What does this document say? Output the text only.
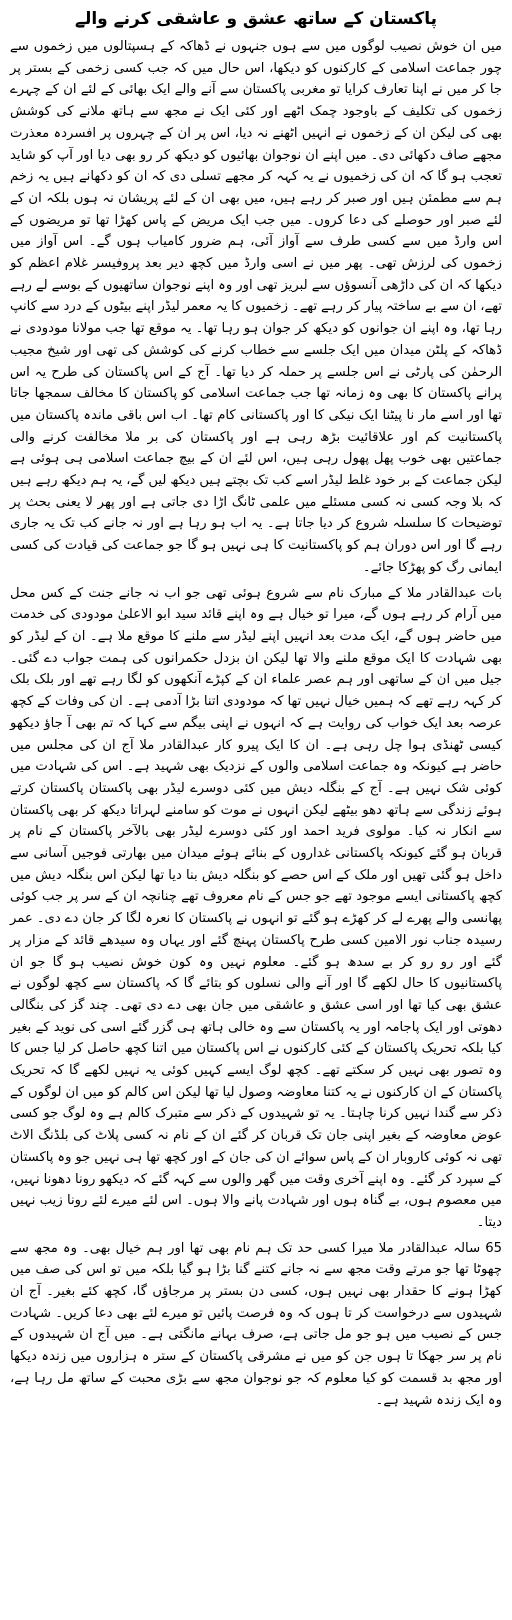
پاکستان کے ساتھ عشق و عاشقی کرنے والے

میں ان خوش نصیب لوگوں میں سے ہوں جنہوں نے ڈھاکہ کے ہسپتالوں میں زخموں سے چور جماعت اسلامی کے کارکنوں کو دیکھا، اس حال میں کہ جب کسی زخمی کے بستر پر جا کر میں نے اپنا تعارف کرایا تو مغربی پاکستان سے آنے والے ایک بھائی کے لئے ان کے چہرے زخموں کی تکلیف کے باوجود چمک اٹھے اور کئی ایک نے مجھ سے ہاتھ ملانے کی کوشش بھی کی لیکن ان کے زخموں نے انہیں اٹھنے نہ دیا، اس پر ان کے چہروں پر افسردہ معذرت مجھے صاف دکھائی دی۔ میں اپنے ان نوجوان بھائیوں کو دیکھ کر رو بھی دیا اور آپ کو شاید تعجب ہو گا کہ ان کی زخمیوں نے یہ کہہ کر مجھے تسلی دی کہ ان کو دکھانے ہیں یہ زخم ہم سے مطمئن ہیں اور صبر کر رہے ہیں، میں بھی ان کے لئے پریشان نہ ہوں بلکہ ان کے لئے صبر اور حوصلے کی دعا کروں۔ میں جب ایک مریض کے پاس کھڑا تھا تو مریضوں کے اس وارڈ میں سے کسی طرف سے آواز آئی، ہم ضرور کامیاب ہوں گے۔ اس آواز میں زخموں کی لرزش تھی۔ پھر میں نے اسی وارڈ میں کچھ دیر بعد پروفیسر غلام اعظم کو دیکھا کہ ان کی داڑھی آنسوؤں سے لبریز تھی اور وہ اپنے نوجوان ساتھیوں کے بوسے لے رہے تھے، ان سے بے ساختہ پیار کر رہے تھے۔ زخمیوں کا یہ معمر لیڈر اپنے بیٹوں کے درد سے کانپ رہا تھا، وہ اپنے ان جوانوں کو دیکھ کر جوان ہو رہا تھا۔ یہ موقع تھا جب مولانا مودودی نے ڈھاکہ کے پلٹن میدان میں ایک جلسے سے خطاب کرنے کی کوشش کی تھی اور شیخ مجیب الرحمٰن کی پارٹی نے اس جلسے پر حملہ کر دیا تھا۔ آج کے اس پاکستان کی طرح یہ اس پرانے پاکستان کا بھی وہ زمانہ تھا جب جماعت اسلامی کو پاکستان کا مخالف سمجھا جاتا تھا اور اسے مار نا پیٹنا ایک نیکی کا اور پاکستانی کام تھا۔ اب اس باقی ماندہ پاکستان میں پاکستانیت کم اور علاقائیت بڑھ رہی ہے اور پاکستان کی بر ملا مخالفت کرنے والی جماعتیں بھی خوب پھل پھول رہی ہیں، اس لئے ان کے بیچ جماعت اسلامی ہی ہوئی ہے لیکن جماعت کے بر خود غلط لیڈر اسے کب تک بچتے ہیں دیکھ لیں گے، یہ ہم دیکھ رہے ہیں کہ بلا وجہ کسی نہ کسی مسئلے میں علمی ٹانگ اڑا دی جاتی ہے اور پھر لا یعنی بحث پر توضیحات کا سلسلہ شروع کر دیا جاتا ہے۔ یہ اب ہو رہا ہے اور نہ جانے کب تک یہ جاری رہے گا اور اس دوران ہم کو پاکستانیت کا ہی نہیں ہو گا جو جماعت کی قیادت کی کسی ایمانی رگ کو پھڑکا جائے۔

بات عبدالقادر ملا کے مبارک نام سے شروع ہوئی تھی جو اب نہ جانے جنت کے کس محل میں آرام کر رہے ہوں گے، میرا تو خیال ہے وہ اپنے قائد سید ابو الاعلیٰ مودودی کی خدمت میں حاضر ہوں گے، ایک مدت بعد انہیں اپنے لیڈر سے ملنے کا موقع ملا ہے۔ ان کے لیڈر کو بھی شہادت کا ایک موقع ملنے والا تھا لیکن ان بزدل حکمرانوں کی ہمت جواب دے گئی۔ جیل میں ان کے ساتھی اور ہم عصر علماء ان کے کپڑے آنکھوں کو لگا رہے تھے اور بلک بلک کر کہہ رہے تھے کہ ہمیں خیال نہیں تھا کہ مودودی اتنا بڑا آدمی ہے۔ ان کی وفات کے کچھ عرصہ بعد ایک خواب کی روایت ہے کہ انہوں نے اپنی بیگم سے کہا کہ تم بھی آ جاؤ دیکھو کیسی ٹھنڈی ہوا چل رہی ہے۔ ان کا ایک پیرو کار عبدالقادر ملا آج ان کی مجلس میں حاضر ہے کیونکہ وہ جماعت اسلامی والوں کے نزدیک بھی شہید ہے۔ اس کی شہادت میں کوئی شک نہیں ہے۔ آج کے بنگلہ دیش میں کئی دوسرے لیڈر بھی پاکستان پاکستان کرتے ہوئے زندگی سے ہاتھ دھو بیٹھے لیکن انہوں نے موت کو سامنے لہراتا دیکھ کر بھی پاکستان سے انکار نہ کیا۔ مولوی فرید احمد اور کئی دوسرے لیڈر بھی بالآخر پاکستان کے نام پر قربان ہو گئے کیونکہ پاکستانی غداروں کے بنائے ہوئے میدان میں بھارتی فوجیں آسانی سے داخل ہو گئی تھیں اور ملک کے اس حصے کو بنگلہ دیش بنا دیا تھا لیکن اس بنگلہ دیش میں کچھ پاکستانی ایسے موجود تھے جو جس کے نام معروف تھے چنانچہ ان کے سر پر جب کوئی پھانسی والے پھرے لے کر کھڑے ہو گئے تو انہوں نے پاکستان کا نعرہ لگا کر جان دے دی۔ عمر رسیدہ جناب نور الامین کسی طرح پاکستان پہنچ گئے اور یہاں وہ سیدھے قائد کے مزار پر گئے اور رو رو کر بے سدھ ہو گئے۔ معلوم نہیں وہ کون خوش نصیب ہو گا جو ان پاکستانیوں کا حال لکھے گا اور آنے والی نسلوں کو بتائے گا کہ پاکستان سے کچھ لوگوں نے عشق بھی کیا تھا اور اسی عشق و عاشقی میں جان بھی دے دی تھی۔ چند گز کی بنگالی دھوتی اور ایک پاجامہ اور یہ پاکستان سے وہ خالی ہاتھ ہی گزر گئے اسی کی نوید کے بغیر کیا بلکہ تحریک پاکستان کے کئی کارکنوں نے اس پاکستان میں اتنا کچھ حاصل کر لیا جس کا وہ تصور بھی نہیں کر سکتے تھے۔ کچھ لوگ ایسے کہیں کوئی یہ نہیں لکھے گا کہ تحریک پاکستان کے ان کارکنوں نے یہ کتنا معاوضہ وصول لیا تھا لیکن اس کالم کو میں ان لوگوں کے ذکر سے گندا نہیں کرنا چاہتا۔ یہ تو شہیدوں کے ذکر سے متبرک کالم ہے وہ لوگ جو کسی عوض معاوضہ کے بغیر اپنی جان تک قربان کر گئے ان کے نام نہ کسی پلاٹ کی بلڈنگ الاٹ تھی نہ کوئی کاروبار ان کے پاس سوائے ان کی جان کے اور کچھ تھا ہی نہیں جو وہ پاکستان کے سپرد کر گئے۔ وہ اپنے آخری وقت میں گھر والوں سے کہہ گئے کہ دیکھو رونا دھونا نہیں، میں معصوم ہوں، بے گناہ ہوں اور شہادت پانے والا ہوں۔ اس لئے میرے لئے رونا زیب نہیں دیتا۔

65 سالہ عبدالقادر ملا میرا کسی حد تک ہم نام بھی تھا اور ہم خیال بھی۔ وہ مجھ سے چھوٹا تھا جو مرتے وقت مجھ سے نہ جانے کتنے گنا بڑا ہو گیا بلکہ میں تو اس کی صف میں کھڑا ہونے کا حقدار بھی نہیں ہوں، کسی دن بستر پر مرجاؤں گا، کچھ کئے بغیر۔ آج ان شہیدوں سے درخواست کر تا ہوں کہ وہ فرصت پائیں تو میرے لئے بھی دعا کریں۔ شہادت جس کے نصیب میں ہو جو مل جاتی ہے، صرف بہانے مانگتی ہے۔ میں آج ان شہیدوں کے نام پر سر جھکا تا ہوں جن کو میں نے مشرقی پاکستان کے ستر ہ ہزاروں میں زندہ دیکھا اور مجھ بد قسمت کو کیا معلوم کہ جو نوجوان مجھ سے بڑی محبت کے ساتھ مل رہا ہے، وہ ایک زندہ شہید ہے۔
